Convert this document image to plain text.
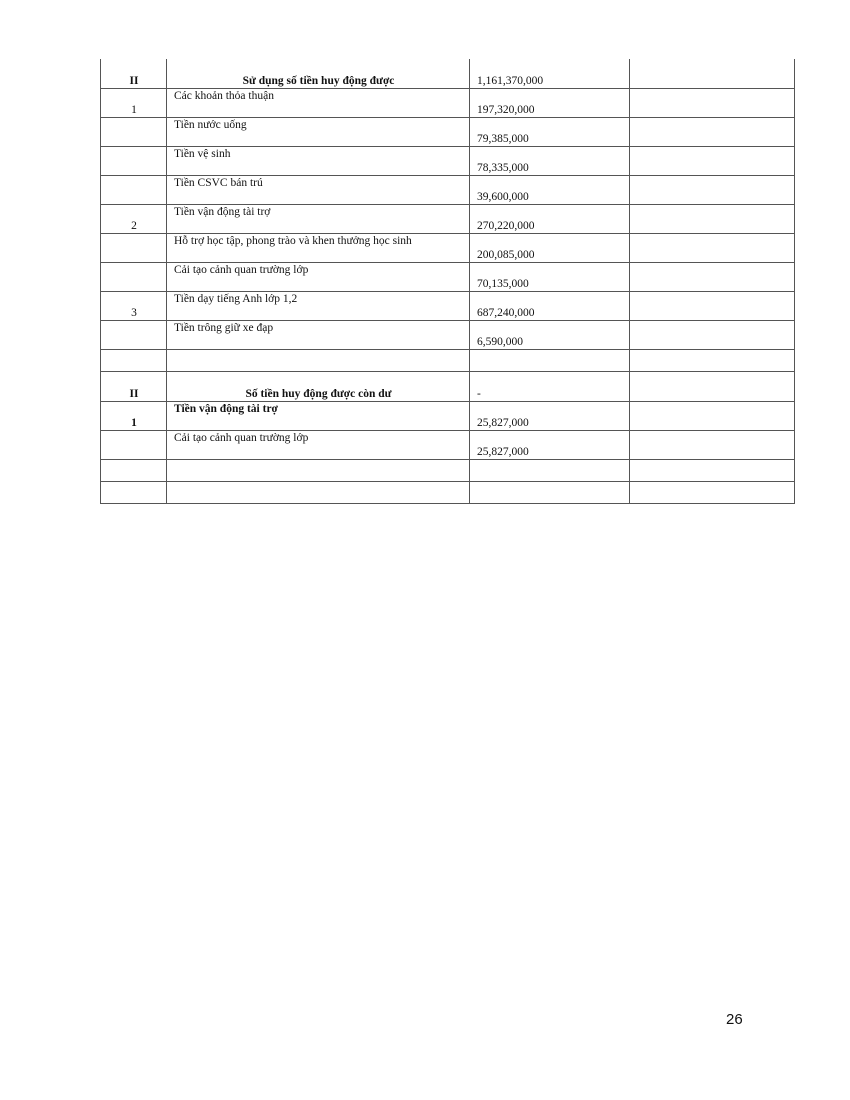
II	Sử dụng số tiền huy động được	1,161,370,000	
1	Các khoản thỏa thuận	197,320,000	
	Tiền nước uống	79,385,000	
	Tiền vệ sinh	78,335,000	
	Tiền CSVC bán trú	39,600,000	
2	Tiền vận động tài trợ	270,220,000	
	Hỗ trợ học tập, phong trào và khen thưởng học sinh	200,085,000	
	Cải tạo cảnh quan trường lớp	70,135,000	
3	Tiền dạy tiếng Anh lớp 1,2	687,240,000	
	Tiền trông giữ xe đạp	6,590,000	

II	Số tiền huy động được còn dư	-	
1	Tiền vận động tài trợ	25,827,000	
	Cải tạo cảnh quan trường lớp	25,827,000	

26
